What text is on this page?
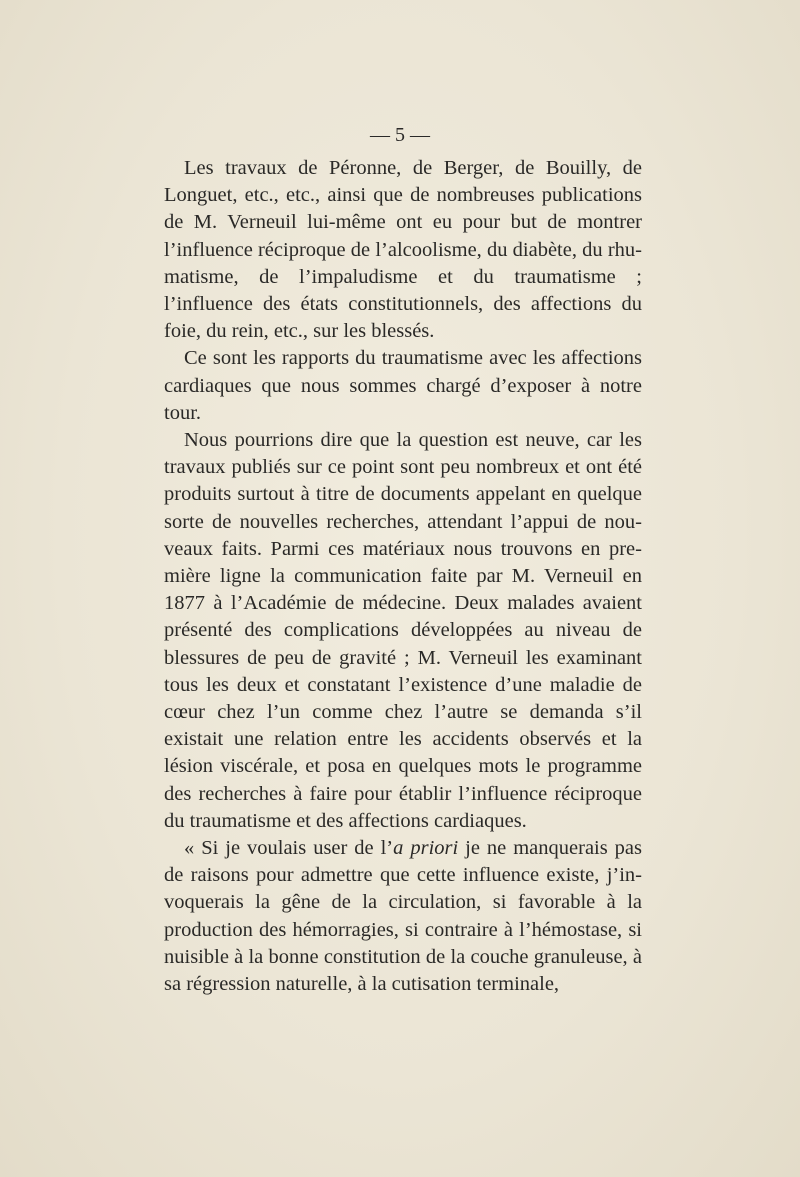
— 5 —

Les travaux de Péronne, de Berger, de Bouilly, de Longuet, etc., etc., ainsi que de nombreuses publications de M. Verneuil lui-même ont eu pour but de montrer l’influence réciproque de l’alcoolisme, du diabète, du rhumatisme, de l’impaludisme et du traumatisme ; l’influence des états constitutionnels, des affections du foie, du rein, etc., sur les blessés.

Ce sont les rapports du traumatisme avec les affections cardiaques que nous sommes chargé d’exposer à notre tour.

Nous pourrions dire que la question est neuve, car les travaux publiés sur ce point sont peu nombreux et ont été produits surtout à titre de documents appelant en quelque sorte de nouvelles recherches, attendant l’appui de nouveaux faits. Parmi ces matériaux nous trouvons en première ligne la communication faite par M. Verneuil en 1877 à l’Académie de médecine. Deux malades avaient présenté des complications développées au niveau de blessures de peu de gravité ; M. Verneuil les examinant tous les deux et constatant l’existence d’une maladie de cœur chez l’un comme chez l’autre se demanda s’il existait une relation entre les accidents observés et la lésion viscérale, et posa en quelques mots le programme des recherches à faire pour établir l’influence réciproque du traumatisme et des affections cardiaques.

« Si je voulais user de l’a priori je ne manquerais pas de raisons pour admettre que cette influence existe, j’invoquerais la gêne de la circulation, si favorable à la production des hémorragies, si contraire à l’hémostase, si nuisible à la bonne constitution de la couche granuleuse, à sa régression naturelle, à la cutisation terminale,
